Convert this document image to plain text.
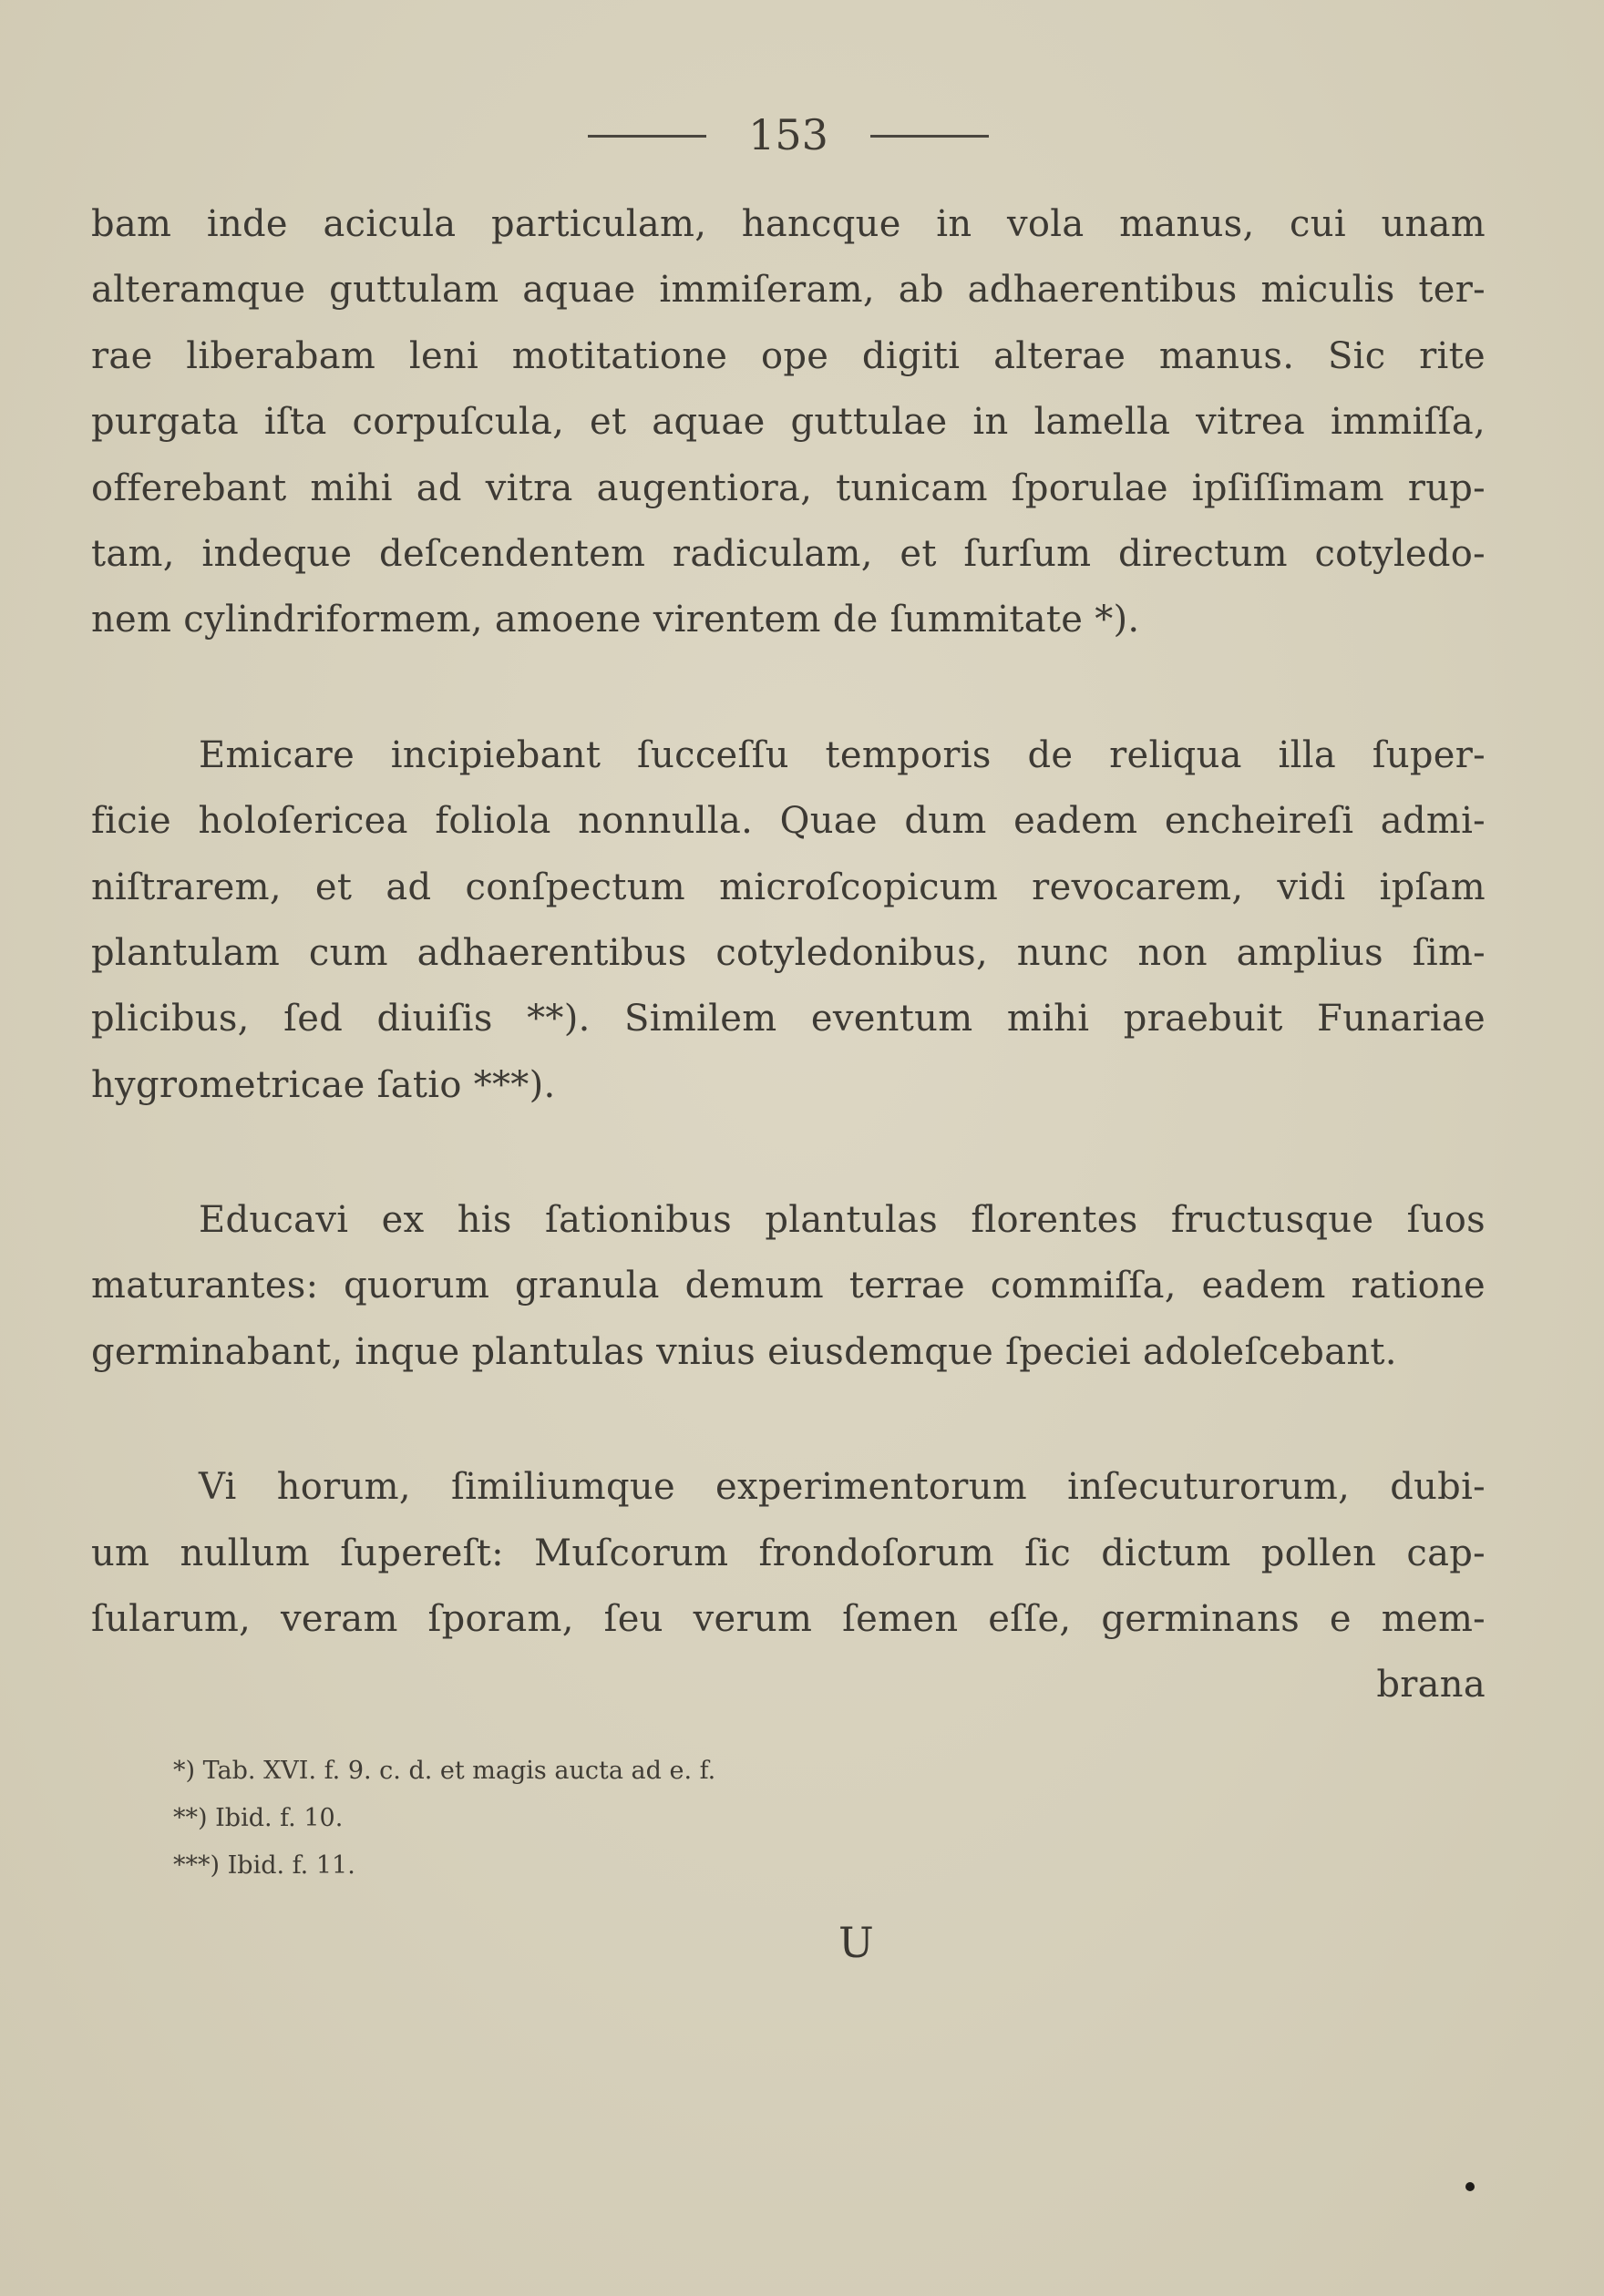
153
bam inde acicula particulam, hancque in vola manus, cui unam
alteramque guttulam aquae immiſeram, ab adhaerentibus miculis ter-
rae liberabam leni motitatione ope digiti alterae manus. Sic rite
purgata iſta corpuſcula, et aquae guttulae in lamella vitrea immiſſa,
offerebant mihi ad vitra augentiora, tunicam ſporulae ipſiſſimam rup-
tam, indeque deſcendentem radiculam, et ſurſum directum cotyledo-
nem cylindriformem, amoene virentem de ſummitate *).
Emicare incipiebant ſucceſſu temporis de reliqua illa ſuper-
ficie holoſericea foliola nonnulla. Quae dum eadem encheireſi admi-
niſtrarem, et ad conſpectum microſcopicum revocarem, vidi ipſam
plantulam cum adhaerentibus cotyledonibus, nunc non amplius ſim-
plicibus, ſed diuiſis **). Similem eventum mihi praebuit Funariae
hygrometricae ſatio ***).
Educavi ex his ſationibus plantulas florentes fructusque ſuos
maturantes: quorum granula demum terrae commiſſa, eadem ratione
germinabant, inque plantulas vnius eiusdemque ſpeciei adoleſcebant.
Vi horum, ſimiliumque experimentorum inſecuturorum, dubi-
um nullum ſupereſt: Muſcorum frondoſorum ſic dictum pollen cap-
ſularum, veram ſporam, ſeu verum ſemen eſſe, germinans e mem-
brana
*) Tab. XVI. f. 9. c. d. et magis aucta ad e. f.
**) Ibid. f. 10.
***) Ibid. f. 11.
U
